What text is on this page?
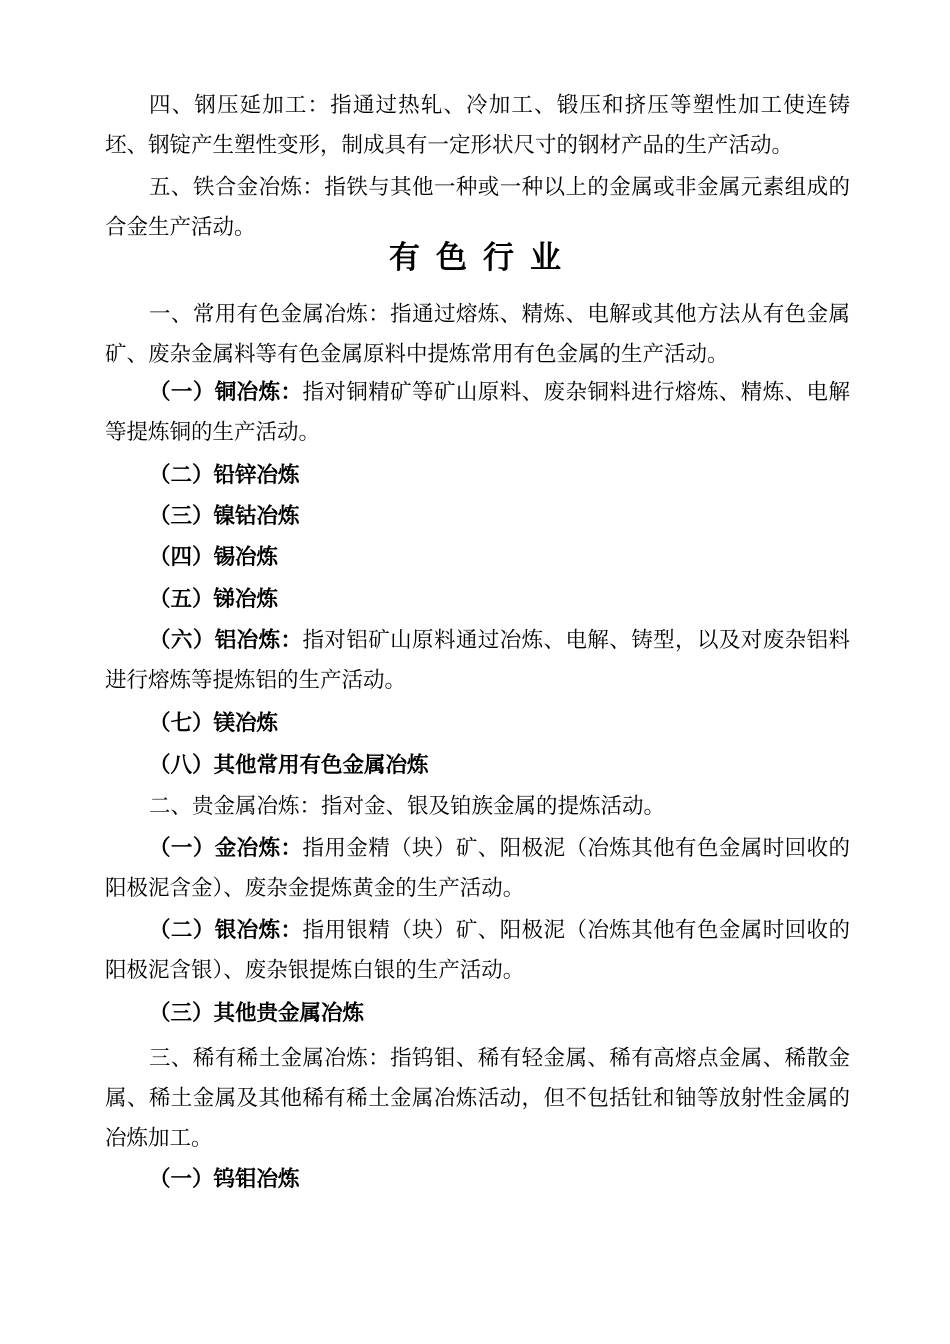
四、钢压延加工：指通过热轧、冷加工、锻压和挤压等塑性加工使连铸坯、钢锭产生塑性变形，制成具有一定形状尺寸的钢材产品的生产活动。

五、铁合金冶炼：指铁与其他一种或一种以上的金属或非金属元素组成的合金生产活动。

有色行业

一、常用有色金属冶炼：指通过熔炼、精炼、电解或其他方法从有色金属矿、废杂金属料等有色金属原料中提炼常用有色金属的生产活动。

（一）铜冶炼：指对铜精矿等矿山原料、废杂铜料进行熔炼、精炼、电解等提炼铜的生产活动。

（二）铅锌冶炼

（三）镍钴冶炼

（四）锡冶炼

（五）锑冶炼

（六）铝冶炼：指对铝矿山原料通过冶炼、电解、铸型，以及对废杂铝料进行熔炼等提炼铝的生产活动。

（七）镁冶炼

（八）其他常用有色金属冶炼

二、贵金属冶炼：指对金、银及铂族金属的提炼活动。

（一）金冶炼：指用金精（块）矿、阳极泥（冶炼其他有色金属时回收的阳极泥含金）、废杂金提炼黄金的生产活动。

（二）银冶炼：指用银精（块）矿、阳极泥（冶炼其他有色金属时回收的阳极泥含银）、废杂银提炼白银的生产活动。

（三）其他贵金属冶炼

三、稀有稀土金属冶炼：指钨钼、稀有轻金属、稀有高熔点金属、稀散金属、稀土金属及其他稀有稀土金属冶炼活动，但不包括钍和铀等放射性金属的冶炼加工。

（一）钨钼冶炼
